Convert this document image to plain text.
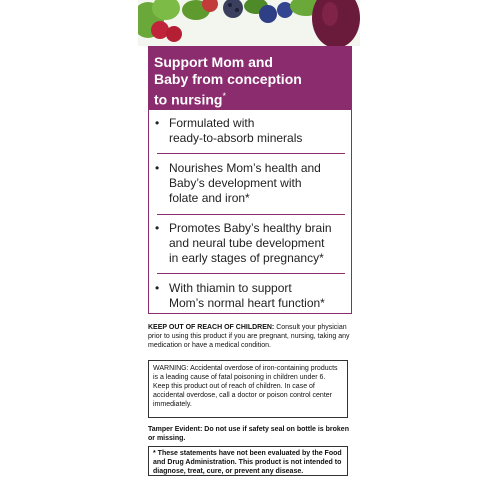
Support Mom and
Baby from conception
to nursing*
• Formulated with
ready-to-absorb minerals
• Nourishes Mom’s health and
Baby’s development with
folate and iron*
• Promotes Baby’s healthy brain
and neural tube development
in early stages of pregnancy*
• With thiamin to support
Mom’s normal heart function*
KEEP OUT OF REACH OF CHILDREN: Consult your physician prior to using this product if you are pregnant, nursing, taking any medication or have a medical condition.
WARNING: Accidental overdose of iron-containing products is a leading cause of fatal poisoning in children under 6. Keep this product out of reach of children. In case of accidental overdose, call a doctor or poison control center immediately.
Tamper Evident: Do not use if safety seal on bottle is broken or missing.
* These statements have not been evaluated by the Food and Drug Administration. This product is not intended to diagnose, treat, cure, or prevent any disease.
